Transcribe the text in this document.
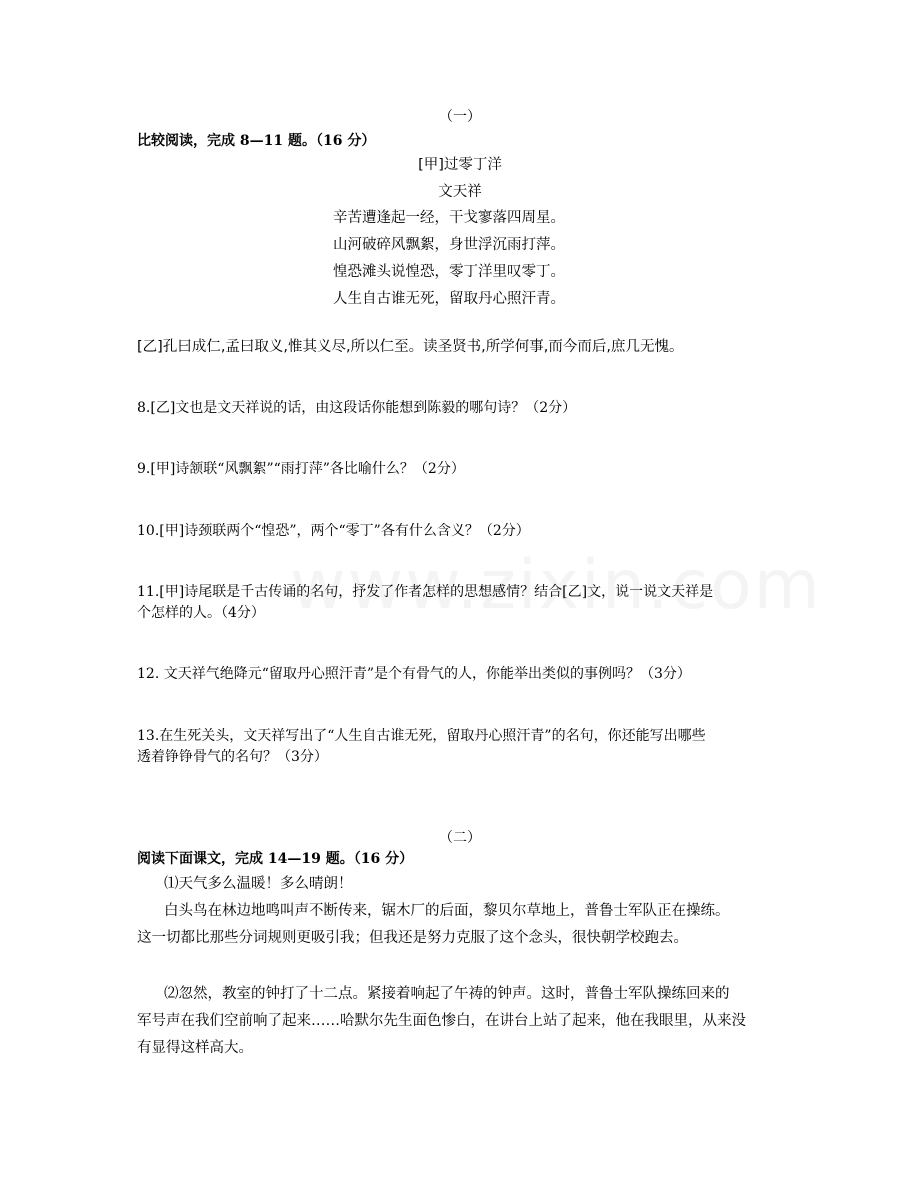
（一）
比较阅读，完成 8—11 题。（16 分）
[甲]过零丁洋
文天祥
辛苦遭逢起一经，干戈寥落四周星。
山河破碎风飘絮，身世浮沉雨打萍。
惶恐滩头说惶恐，零丁洋里叹零丁。
人生自古谁无死，留取丹心照汗青。
[乙]孔曰成仁,孟曰取义,惟其义尽,所以仁至。读圣贤书,所学何事,而今而后,庶几无愧。
8.[乙]文也是文天祥说的话，由这段话你能想到陈毅的哪句诗？（2分）
9.[甲]诗颔联“风飘絮”“雨打萍”各比喻什么？（2分）
10.[甲]诗颈联两个“惶恐”，两个“零丁”各有什么含义？（2分）
11.[甲]诗尾联是千古传诵的名句，抒发了作者怎样的思想感情？结合[乙]文，说一说文天祥是
个怎样的人。（4分）
12. 文天祥气绝降元“留取丹心照汗青”是个有骨气的人，你能举出类似的事例吗？（3分）
13.在生死关头，文天祥写出了“人生自古谁无死，留取丹心照汗青”的名句，你还能写出哪些
透着铮铮骨气的名句？（3分）
（二）
阅读下面课文，完成 14—19 题。（16 分）
⑴天气多么温暖！多么晴朗！
白头鸟在林边地鸣叫声不断传来，锯木厂的后面，黎贝尔草地上，普鲁士军队正在操练。
这一切都比那些分词规则更吸引我；但我还是努力克服了这个念头，很快朝学校跑去。
⑵忽然，教室的钟打了十二点。紧接着响起了午祷的钟声。这时，普鲁士军队操练回来的
军号声在我们空前响了起来……哈默尔先生面色惨白，在讲台上站了起来，他在我眼里，从来没
有显得这样高大。
